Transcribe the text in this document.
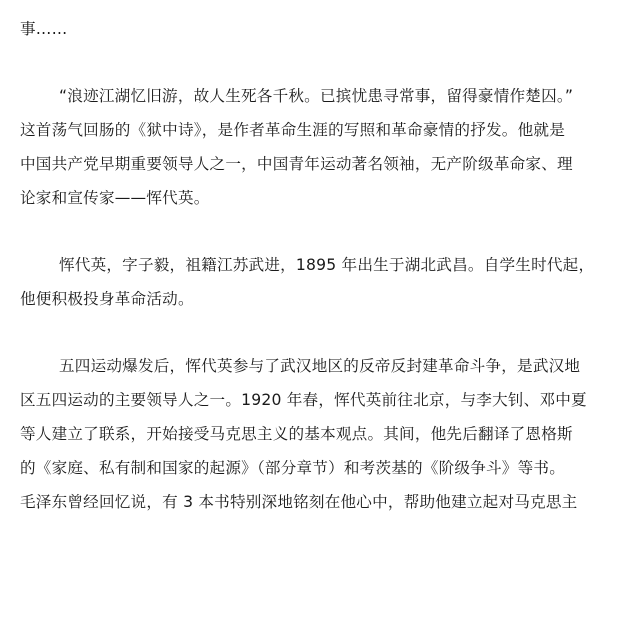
事……
“浪迹江湖忆旧游，故人生死各千秋。已摈忧患寻常事，留得豪情作楚囚。”
这首荡气回肠的《狱中诗》，是作者革命生涯的写照和革命豪情的抒发。他就是
中国共产党早期重要领导人之一，中国青年运动著名领袖，无产阶级革命家、理
论家和宣传家——恽代英。
恽代英，字子毅，祖籍江苏武进，1895 年出生于湖北武昌。自学生时代起，
他便积极投身革命活动。
五四运动爆发后，恽代英参与了武汉地区的反帝反封建革命斗争，是武汉地
区五四运动的主要领导人之一。1920 年春，恽代英前往北京，与李大钊、邓中夏
等人建立了联系，开始接受马克思主义的基本观点。其间，他先后翻译了恩格斯
的《家庭、私有制和国家的起源》（部分章节）和考茨基的《阶级争斗》等书。
毛泽东曾经回忆说，有 3 本书特别深地铭刻在他心中，帮助他建立起对马克思主
